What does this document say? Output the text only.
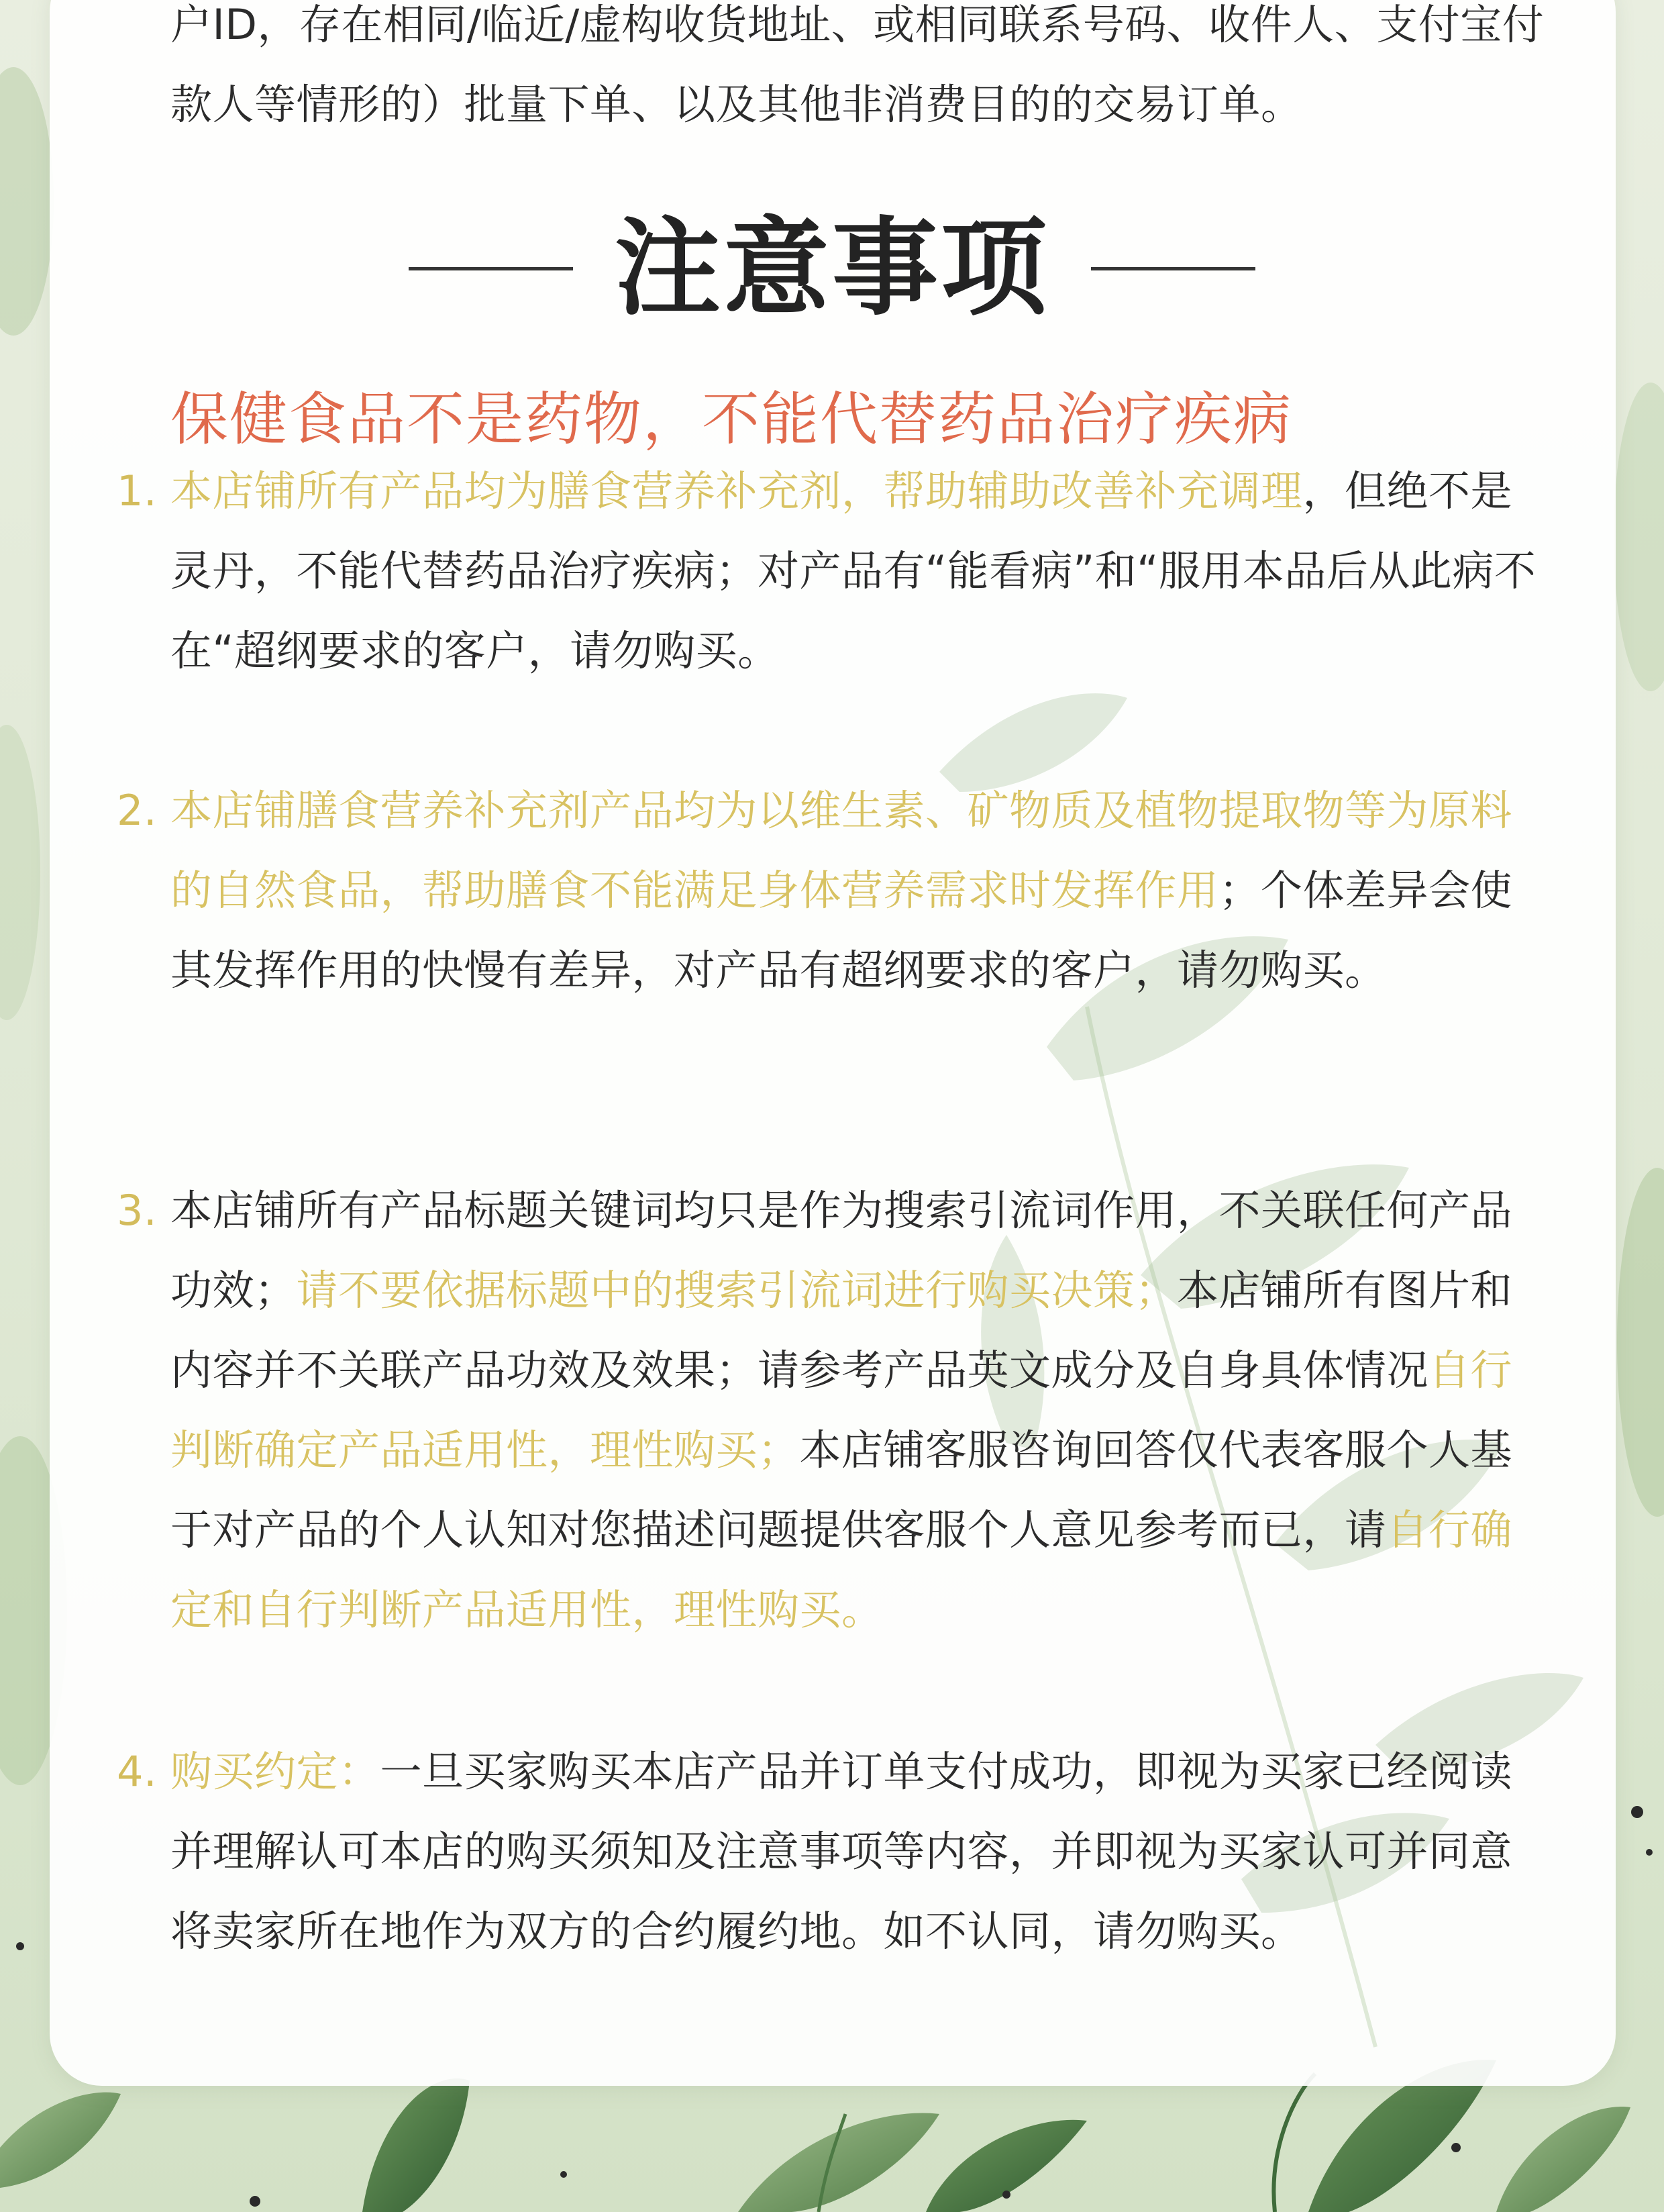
户ID，存在相同/临近/虚构收货地址、或相同联系号码、收件人、支付宝付款人等情形的）批量下单、以及其他非消费目的的交易订单。
注意事项
保健食品不是药物，不能代替药品治疗疾病
1. 本店铺所有产品均为膳食营养补充剂，帮助辅助改善补充调理，但绝不是灵丹，不能代替药品治疗疾病；对产品有“能看病”和“服用本品后从此病不在“超纲要求的客户，请勿购买。
2. 本店铺膳食营养补充剂产品均为以维生素、矿物质及植物提取物等为原料的自然食品，帮助膳食不能满足身体营养需求时发挥作用；个体差异会使其发挥作用的快慢有差异，对产品有超纲要求的客户，请勿购买。
3. 本店铺所有产品标题关键词均只是作为搜索引流词作用，不关联任何产品功效；请不要依据标题中的搜索引流词进行购买决策；本店铺所有图片和内容并不关联产品功效及效果；请参考产品英文成分及自身具体情况自行判断确定产品适用性，理性购买；本店铺客服咨询回答仅代表客服个人基于对产品的个人认知对您描述问题提供客服个人意见参考而已，请自行确定和自行判断产品适用性，理性购买。
4. 购买约定：一旦买家购买本店产品并订单支付成功，即视为买家已经阅读并理解认可本店的购买须知及注意事项等内容，并即视为买家认可并同意将卖家所在地作为双方的合约履约地。如不认同，请勿购买。
